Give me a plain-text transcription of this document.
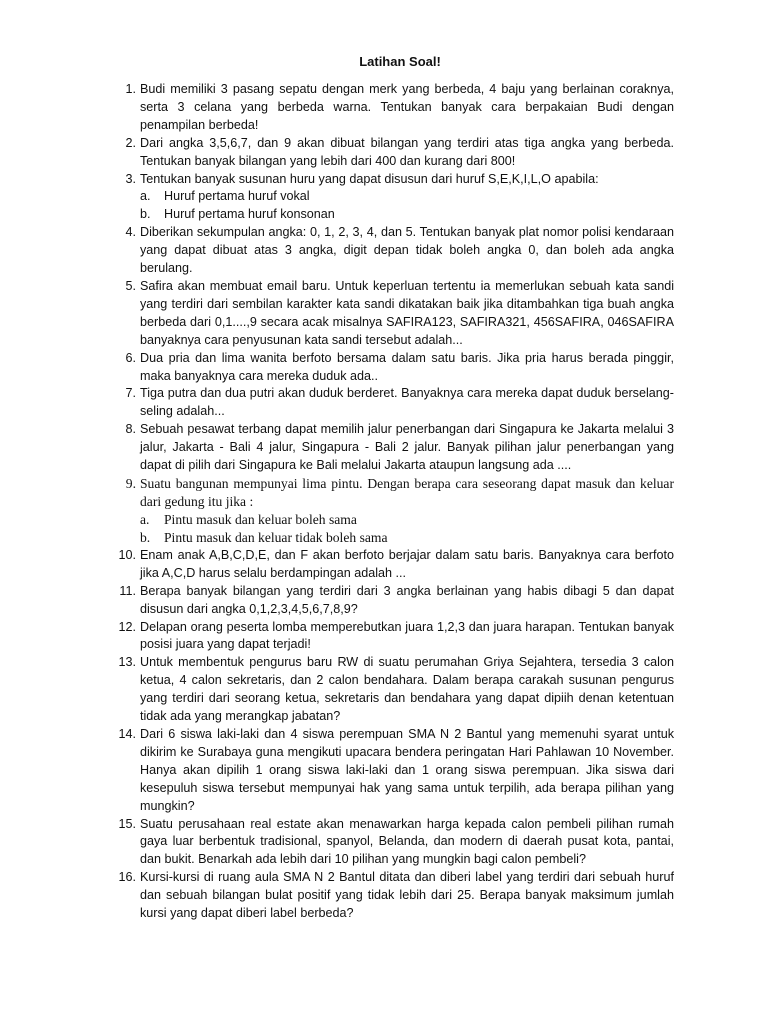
Latihan Soal!
1. Budi memiliki 3 pasang sepatu dengan merk yang berbeda, 4 baju yang berlainan coraknya, serta 3 celana yang berbeda warna. Tentukan banyak cara berpakaian Budi dengan penampilan berbeda!
2. Dari angka 3,5,6,7, dan 9 akan dibuat bilangan yang terdiri atas tiga angka yang berbeda. Tentukan banyak bilangan yang lebih dari 400 dan kurang dari 800!
3. Tentukan banyak susunan huru yang dapat disusun dari huruf S,E,K,I,L,O apabila:
a. Huruf pertama huruf vokal
b. Huruf pertama huruf konsonan
4. Diberikan sekumpulan angka: 0, 1, 2, 3, 4, dan 5. Tentukan banyak plat nomor polisi kendaraan yang dapat dibuat atas 3 angka, digit depan tidak boleh angka 0, dan boleh ada angka berulang.
5. Safira akan membuat email baru. Untuk keperluan tertentu ia memerlukan sebuah kata sandi yang terdiri dari sembilan karakter kata sandi dikatakan baik jika ditambahkan tiga buah angka berbeda dari 0,1....,9 secara acak misalnya SAFIRA123, SAFIRA321, 456SAFIRA, 046SAFIRA banyaknya cara penyusunan kata sandi tersebut adalah...
6. Dua pria dan lima wanita berfoto bersama dalam satu baris. Jika pria harus berada pinggir, maka banyaknya cara mereka duduk ada..
7. Tiga putra dan dua putri akan duduk berderet. Banyaknya cara mereka dapat duduk berselang-seling adalah...
8. Sebuah pesawat terbang dapat memilih jalur penerbangan dari Singapura ke Jakarta melalui 3 jalur, Jakarta - Bali 4 jalur, Singapura - Bali 2 jalur. Banyak pilihan jalur penerbangan yang dapat di pilih dari Singapura ke Bali melalui Jakarta ataupun langsung ada ....
9. Suatu bangunan mempunyai lima pintu. Dengan berapa cara seseorang dapat masuk dan keluar dari gedung itu jika :
a. Pintu masuk dan keluar boleh sama
b. Pintu masuk dan keluar tidak boleh sama
10. Enam anak A,B,C,D,E, dan F akan berfoto berjajar dalam satu baris. Banyaknya cara berfoto jika A,C,D harus selalu berdampingan adalah ...
11. Berapa banyak bilangan yang terdiri dari 3 angka berlainan yang habis dibagi 5 dan dapat disusun dari angka 0,1,2,3,4,5,6,7,8,9?
12. Delapan orang peserta lomba memperebutkan juara 1,2,3 dan juara harapan. Tentukan banyak posisi juara yang dapat terjadi!
13. Untuk membentuk pengurus baru RW di suatu perumahan Griya Sejahtera, tersedia 3 calon ketua, 4 calon sekretaris, dan 2 calon bendahara. Dalam berapa carakah susunan pengurus yang terdiri dari seorang ketua, sekretaris dan bendahara yang dapat dipiih denan ketentuan tidak ada yang merangkap jabatan?
14. Dari 6 siswa laki-laki dan 4 siswa perempuan SMA N 2 Bantul yang memenuhi syarat untuk dikirim ke Surabaya guna mengikuti upacara bendera peringatan Hari Pahlawan 10 November. Hanya akan dipilih 1 orang siswa laki-laki dan 1 orang siswa perempuan. Jika siswa dari kesepuluh siswa tersebut mempunyai hak yang sama untuk terpilih, ada berapa pilihan yang mungkin?
15. Suatu perusahaan real estate akan menawarkan harga kepada calon pembeli pilihan rumah gaya luar berbentuk tradisional, spanyol, Belanda, dan modern di daerah pusat kota, pantai, dan bukit. Benarkah ada lebih dari 10 pilihan yang mungkin bagi calon pembeli?
16. Kursi-kursi di ruang aula SMA N 2 Bantul ditata dan diberi label yang terdiri dari sebuah huruf dan sebuah bilangan bulat positif yang tidak lebih dari 25. Berapa banyak maksimum jumlah kursi yang dapat diberi label berbeda?
